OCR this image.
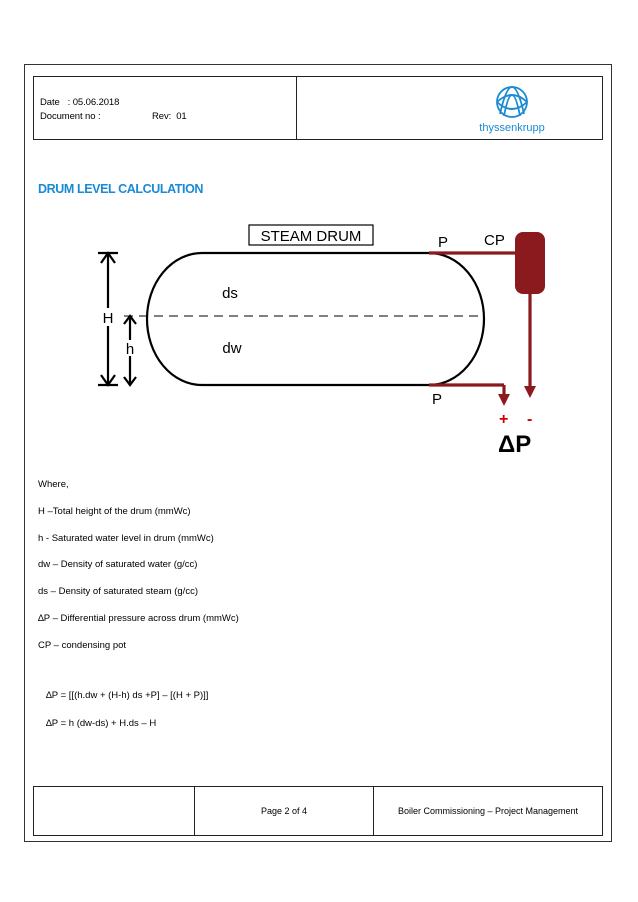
Date : 05.06.2018
Document no :	Rev: 01
thyssenkrupp
DRUM LEVEL CALCULATION
STEAM DRUM
H
h
ds
dw
P CP
P
+ -
ΔP
Where,
H –Total height of the drum (mmWc)
h - Saturated water level in drum (mmWc)
dw – Density of saturated water (g/cc)
ds – Density of saturated steam (g/cc)
∆P – Differential pressure across drum (mmWc)
CP – condensing pot
∆P = [[(h.dw + (H-h) ds +P] – [(H + P)]]
∆P = h (dw-ds) + H.ds – H
Page 2 of 4	Boiler Commissioning – Project Management
